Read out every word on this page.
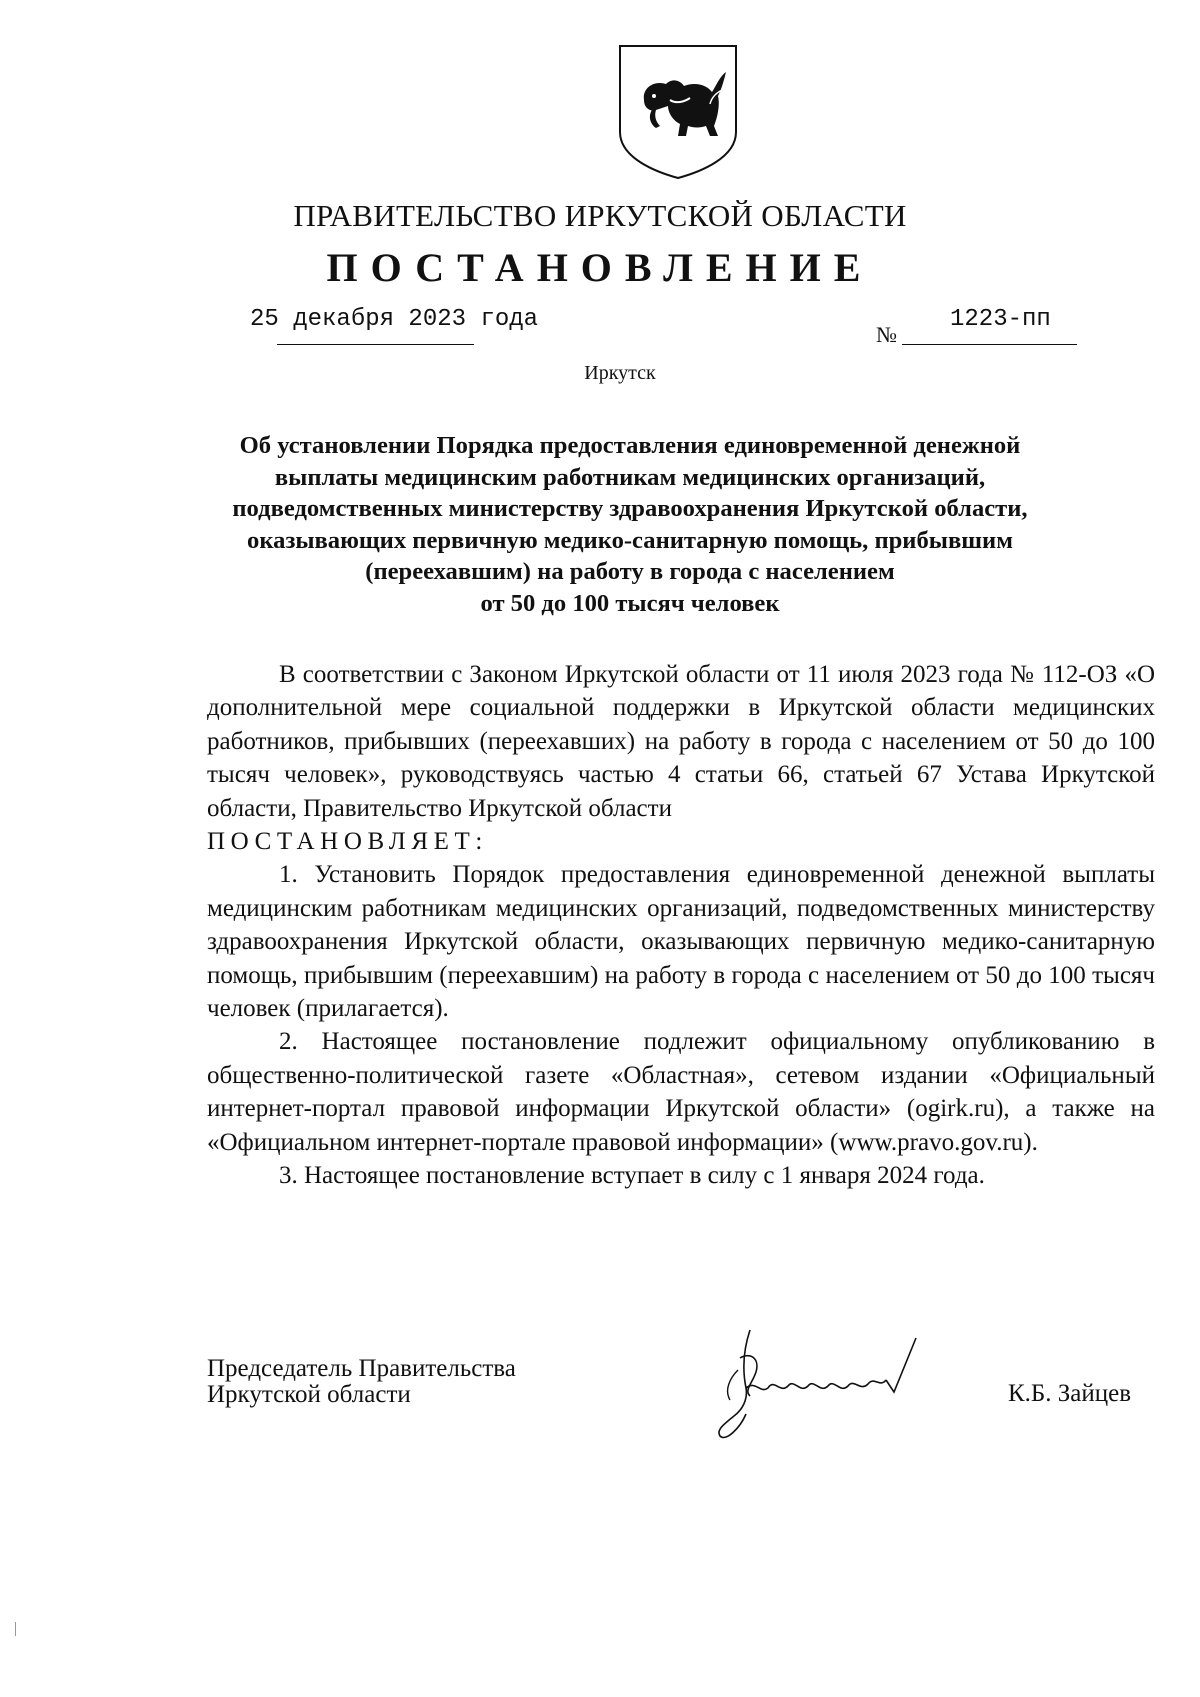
ПРАВИТЕЛЬСТВО ИРКУТСКОЙ ОБЛАСТИ
ПОСТАНОВЛЕНИЕ
25 декабря 2023 года
№
1223-пп
Иркутск
Об установлении Порядка предоставления единовременной денежной
выплаты медицинским работникам медицинских организаций,
подведомственных министерству здравоохранения Иркутской области,
оказывающих первичную медико-санитарную помощь, прибывшим
(переехавшим) на работу в города с населением
от 50 до 100 тысяч человек

В соответствии с Законом Иркутской области от 11 июля 2023 года № 112-ОЗ «О дополнительной мере социальной поддержки в Иркутской области медицинских работников, прибывших (переехавших) на работу в города с населением от 50 до 100 тысяч человек», руководствуясь частью 4 статьи 66, статьей 67 Устава Иркутской области, Правительство Иркутской области

ПОСТАНОВЛЯЕТ:

1. Установить Порядок предоставления единовременной денежной выплаты медицинским работникам медицинских организаций, подведомственных министерству здравоохранения Иркутской области, оказывающих первичную медико-санитарную помощь, прибывшим (переехавшим) на работу в города с населением от 50 до 100 тысяч человек (прилагается).

2. Настоящее постановление подлежит официальному опубликованию в общественно-политической газете «Областная», сетевом издании «Официальный интернет-портал правовой информации Иркутской области» (ogirk.ru), а также на «Официальном интернет-портале правовой информации» (www.pravo.gov.ru).

3. Настоящее постановление вступает в силу с 1 января 2024 года.

Председатель Правительства
Иркутской области	К.Б. Зайцев
